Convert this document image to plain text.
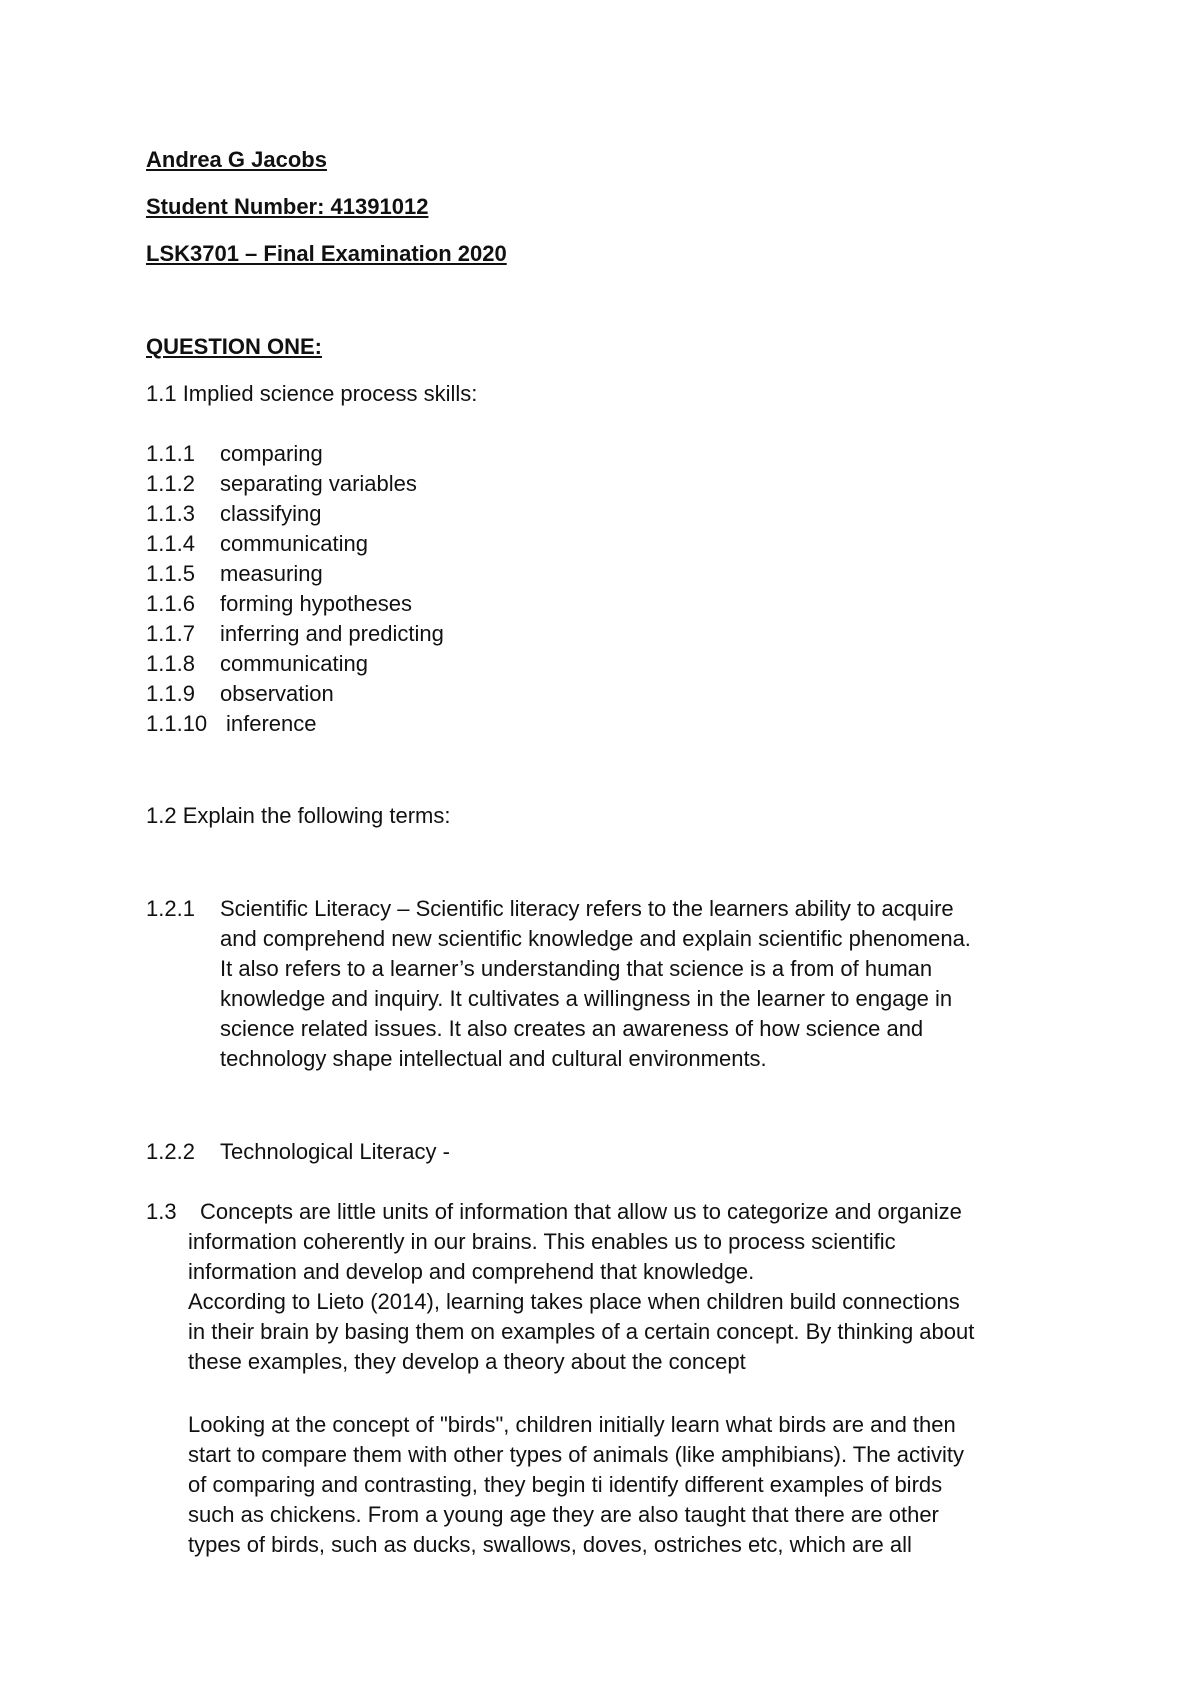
Andrea G Jacobs
Student Number: 41391012
LSK3701 – Final Examination 2020
QUESTION ONE:
1.1 Implied science process skills:
1.1.1 comparing
1.1.2 separating variables
1.1.3 classifying
1.1.4 communicating
1.1.5 measuring
1.1.6 forming hypotheses
1.1.7 inferring and predicting
1.1.8 communicating
1.1.9 observation
1.1.10 inference
1.2 Explain the following terms:
1.2.1 Scientific Literacy – Scientific literacy refers to the learners ability to acquire
and comprehend new scientific knowledge and explain scientific phenomena.
It also refers to a learner’s understanding that science is a from of human
knowledge and inquiry. It cultivates a willingness in the learner to engage in
science related issues. It also creates an awareness of how science and
technology shape intellectual and cultural environments.
1.2.2 Technological Literacy -
1.3 Concepts are little units of information that allow us to categorize and organize
information coherently in our brains. This enables us to process scientific
information and develop and comprehend that knowledge.
According to Lieto (2014), learning takes place when children build connections
in their brain by basing them on examples of a certain concept. By thinking about
these examples, they develop a theory about the concept
Looking at the concept of "birds", children initially learn what birds are and then
start to compare them with other types of animals (like amphibians). The activity
of comparing and contrasting, they begin ti identify different examples of birds
such as chickens. From a young age they are also taught that there are other
types of birds, such as ducks, swallows, doves, ostriches etc, which are all
